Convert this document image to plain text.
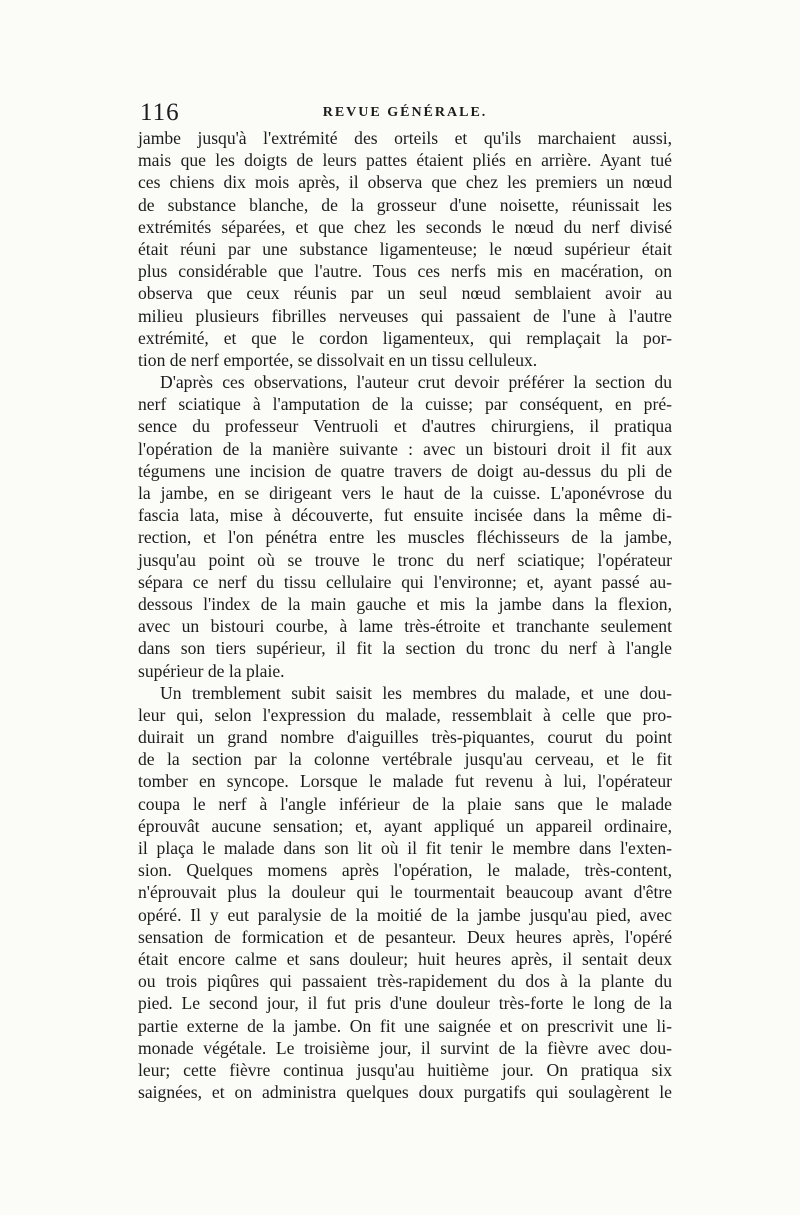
116	REVUE GÉNÉRALE.
jambe jusqu'à l'extrémité des orteils et qu'ils marchaient aussi,
mais que les doigts de leurs pattes étaient pliés en arrière. Ayant tué
ces chiens dix mois après, il observa que chez les premiers un nœud
de substance blanche, de la grosseur d'une noisette, réunissait les
extrémités séparées, et que chez les seconds le nœud du nerf divisé
était réuni par une substance ligamenteuse; le nœud supérieur était
plus considérable que l'autre. Tous ces nerfs mis en macération, on
observa que ceux réunis par un seul nœud semblaient avoir au
milieu plusieurs fibrilles nerveuses qui passaient de l'une à l'autre
extrémité, et que le cordon ligamenteux, qui remplaçait la por-
tion de nerf emportée, se dissolvait en un tissu celluleux.
D'après ces observations, l'auteur crut devoir préférer la section du
nerf sciatique à l'amputation de la cuisse; par conséquent, en pré-
sence du professeur Ventruoli et d'autres chirurgiens, il pratiqua
l'opération de la manière suivante : avec un bistouri droit il fit aux
tégumens une incision de quatre travers de doigt au-dessus du pli de
la jambe, en se dirigeant vers le haut de la cuisse. L'aponévrose du
fascia lata, mise à découverte, fut ensuite incisée dans la même di-
rection, et l'on pénétra entre les muscles fléchisseurs de la jambe,
jusqu'au point où se trouve le tronc du nerf sciatique; l'opérateur
sépara ce nerf du tissu cellulaire qui l'environne; et, ayant passé au-
dessous l'index de la main gauche et mis la jambe dans la flexion,
avec un bistouri courbe, à lame très-étroite et tranchante seulement
dans son tiers supérieur, il fit la section du tronc du nerf à l'angle
supérieur de la plaie.
Un tremblement subit saisit les membres du malade, et une dou-
leur qui, selon l'expression du malade, ressemblait à celle que pro-
duirait un grand nombre d'aiguilles très-piquantes, courut du point
de la section par la colonne vertébrale jusqu'au cerveau, et le fit
tomber en syncope. Lorsque le malade fut revenu à lui, l'opérateur
coupa le nerf à l'angle inférieur de la plaie sans que le malade
éprouvât aucune sensation; et, ayant appliqué un appareil ordinaire,
il plaça le malade dans son lit où il fit tenir le membre dans l'exten-
sion. Quelques momens après l'opération, le malade, très-content,
n'éprouvait plus la douleur qui le tourmentait beaucoup avant d'être
opéré. Il y eut paralysie de la moitié de la jambe jusqu'au pied, avec
sensation de formication et de pesanteur. Deux heures après, l'opéré
était encore calme et sans douleur; huit heures après, il sentait deux
ou trois piqûres qui passaient très-rapidement du dos à la plante du
pied. Le second jour, il fut pris d'une douleur très-forte le long de la
partie externe de la jambe. On fit une saignée et on prescrivit une li-
monade végétale. Le troisième jour, il survint de la fièvre avec dou-
leur; cette fièvre continua jusqu'au huitième jour. On pratiqua six
saignées, et on administra quelques doux purgatifs qui soulagèrent le
